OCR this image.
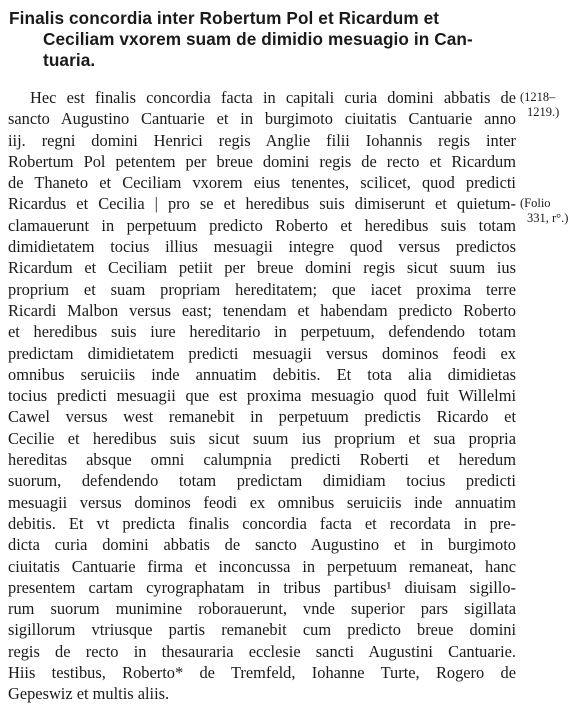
Finalis concordia inter Robertum Pol et Ricardum et
Ceciliam vxorem suam de dimidio mesuagio in Can-
tuaria.
Hec est finalis concordia facta in capitali curia domini abbatis de
sancto Augustino Cantuarie et in burgimoto ciuitatis Cantuarie anno
iij. regni domini Henrici regis Anglie filii Iohannis regis inter
Robertum Pol petentem per breue domini regis de recto et Ricardum
de Thaneto et Ceciliam vxorem eius tenentes, scilicet, quod predicti
Ricardus et Cecilia | pro se et heredibus suis dimiserunt et quietum-
clamauerunt in perpetuum predicto Roberto et heredibus suis totam
dimidietatem tocius illius mesuagii integre quod versus predictos
Ricardum et Ceciliam petiit per breue domini regis sicut suum ius
proprium et suam propriam hereditatem; que iacet proxima terre
Ricardi Malbon versus east; tenendam et habendam predicto Roberto
et heredibus suis iure hereditario in perpetuum, defendendo totam
predictam dimidietatem predicti mesuagii versus dominos feodi ex
omnibus seruiciis inde annuatim debitis. Et tota alia dimidietas
tocius predicti mesuagii que est proxima mesuagio quod fuit Willelmi
Cawel versus west remanebit in perpetuum predictis Ricardo et
Cecilie et heredibus suis sicut suum ius proprium et sua propria
hereditas absque omni calumpnia predicti Roberti et heredum
suorum, defendendo totam predictam dimidiam tocius predicti
mesuagii versus dominos feodi ex omnibus seruiciis inde annuatim
debitis. Et vt predicta finalis concordia facta et recordata in pre-
dicta curia domini abbatis de sancto Augustino et in burgimoto
ciuitatis Cantuarie firma et inconcussa in perpetuum remaneat, hanc
presentem cartam cyrographatam in tribus partibus¹ diuisam sigillo-
rum suorum munimine roborauerunt, vnde superior pars sigillata
sigillorum vtriusque partis remanebit cum predicto breue domini
regis de recto in thesauraria ecclesie sancti Augustini Cantuarie.
Hiis testibus, Roberto* de Tremfeld, Iohanne Turte, Rogero de
Gepeswiz et multis aliis.
(1218–
1219.)
(Folio
331, r°.)
